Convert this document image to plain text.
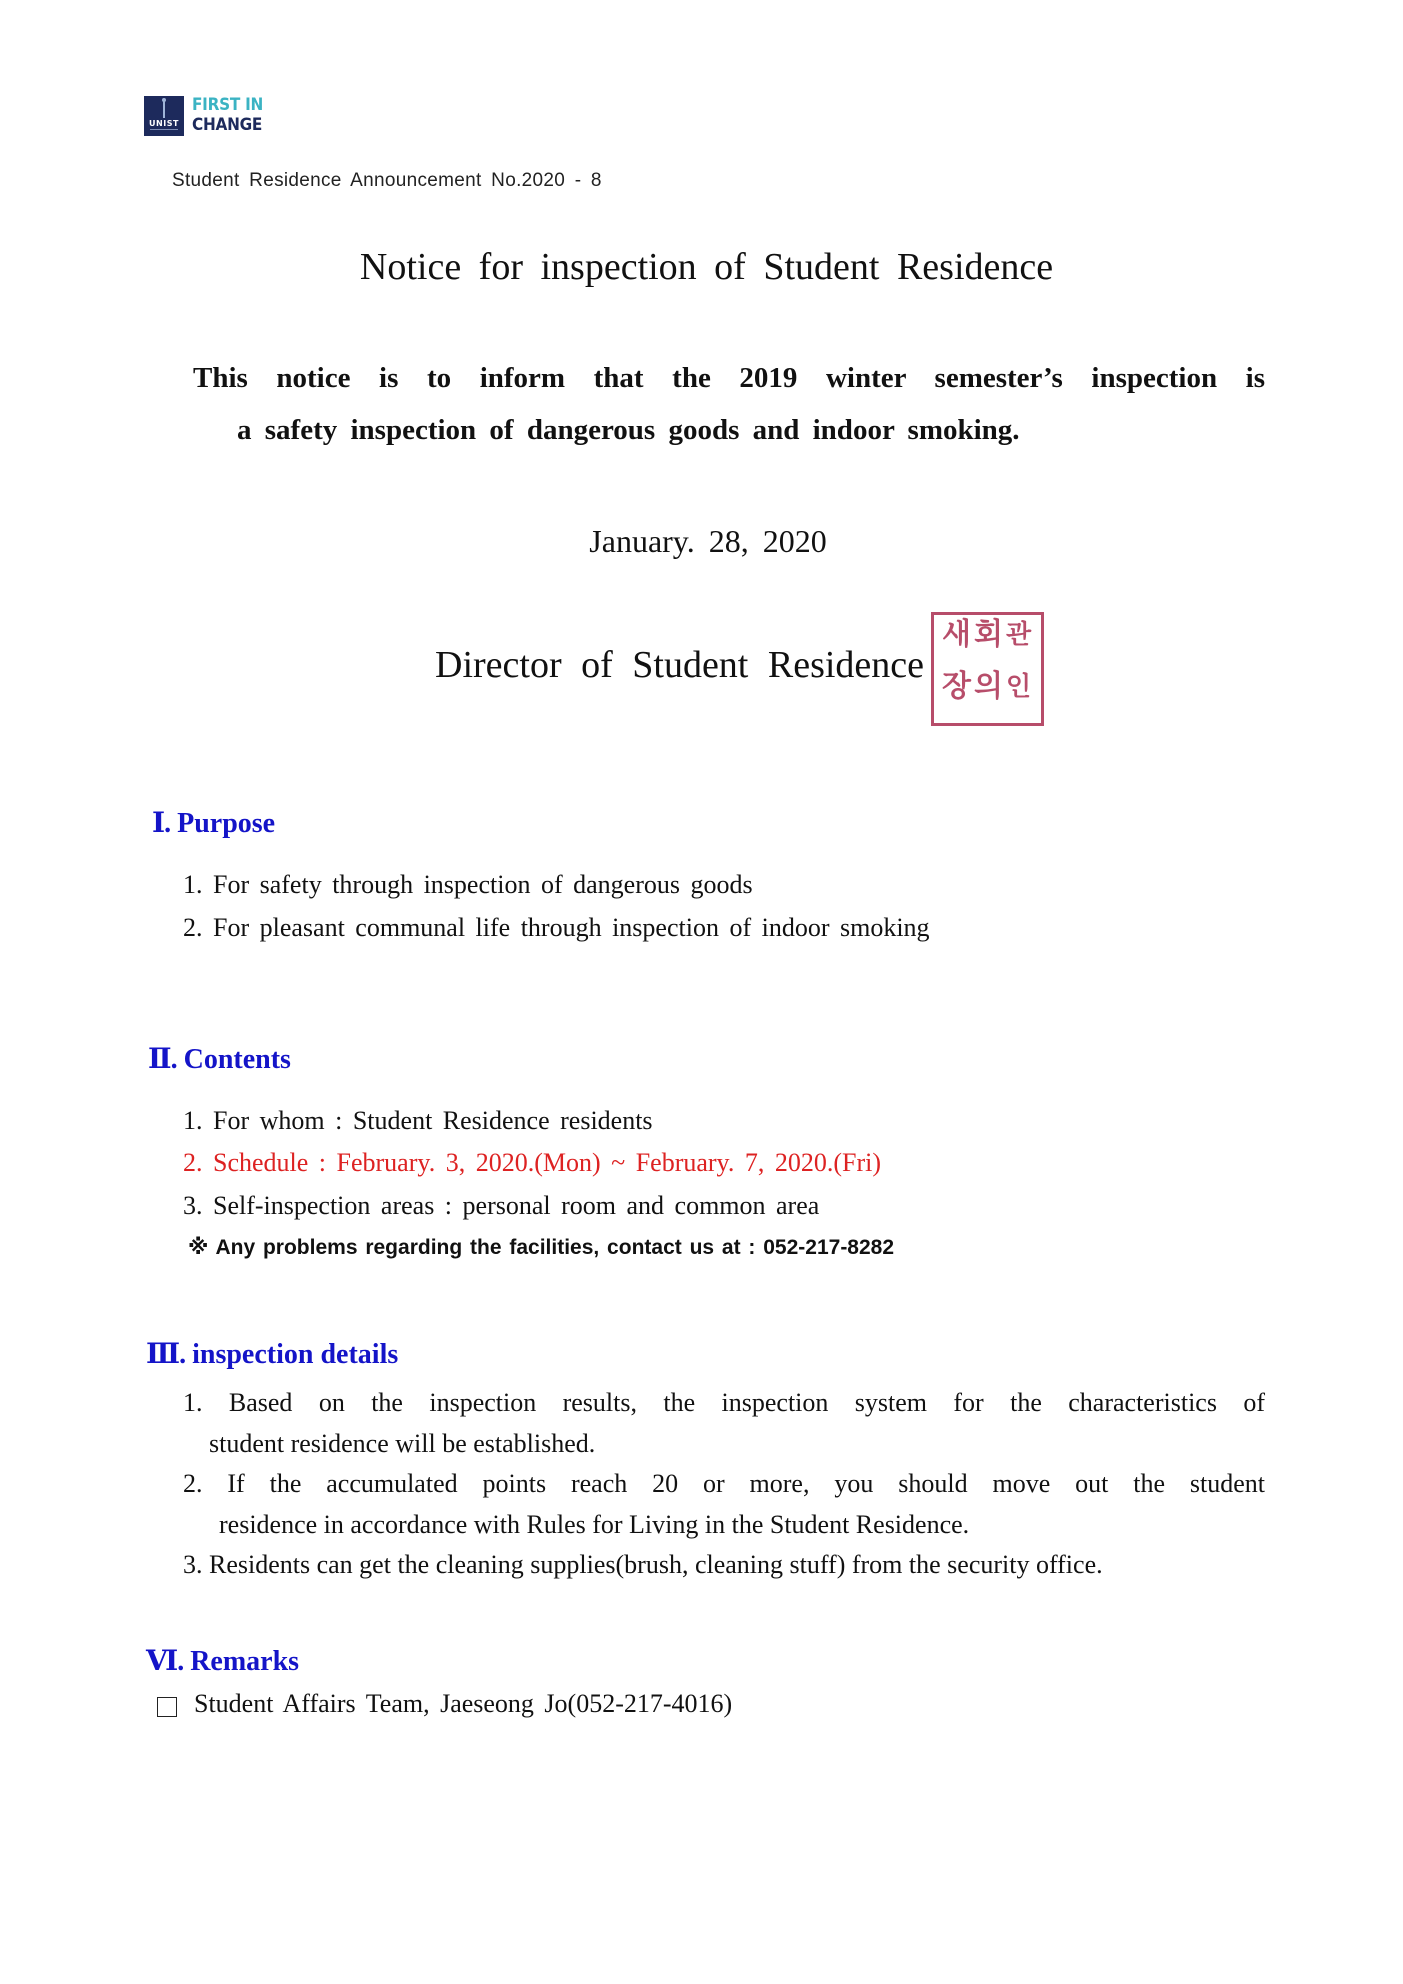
UNIST
FIRST IN
CHANGE
Student Residence Announcement No.2020 - 8
Notice for inspection of Student Residence
This notice is to inform that the 2019 winter semester’s inspection is
a safety inspection of dangerous goods and indoor smoking.
January. 28, 2020
새 회 관
장 의 인
Director of Student Residence
Ⅰ. Purpose
1. For safety through inspection of dangerous goods
2. For pleasant communal life through inspection of indoor smoking
Ⅱ. Contents
1. For whom : Student Residence residents
2. Schedule : February. 3, 2020.(Mon) ~ February. 7, 2020.(Fri)
3. Self-inspection areas : personal room and common area
※ Any problems regarding the facilities, contact us at : 052-217-8282
Ⅲ. inspection details
1. Based on the inspection results, the inspection system for the characteristics of
student residence will be established.
2. If the accumulated points reach 20 or more, you should move out the student
residence in accordance with Rules for Living in the Student Residence.
3. Residents can get the cleaning supplies(brush, cleaning stuff) from the security office.
Ⅵ. Remarks
Student Affairs Team, Jaeseong Jo(052-217-4016)
